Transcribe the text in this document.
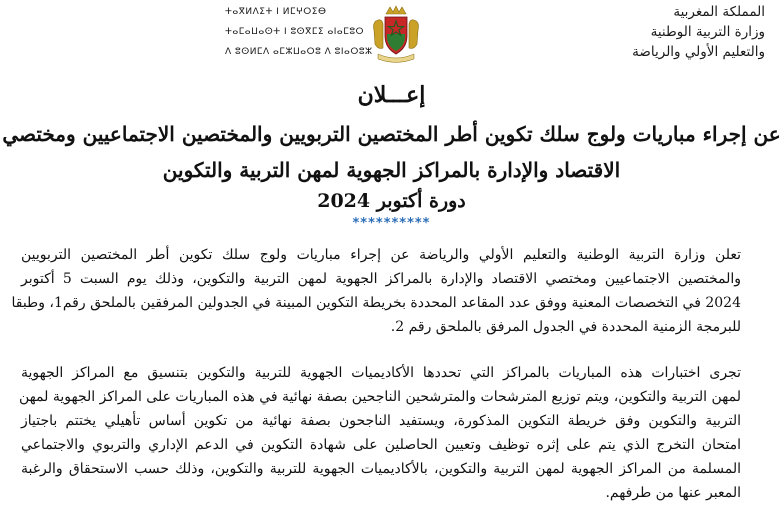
المملكة المغربية
وزارة التربية الوطنية
والتعليم الأولي والرياضة
ⵜⴰⴳⵍⴷⵉⵜ ⵏ ⵍⵎⵖⵔⵉⴱ
ⵜⴰⵎⴰⵡⴰⵙⵜ ⵏ ⵓⵙⴳⵎⵉ ⴰⵏⴰⵎⵓⵔ
ⴷ ⵓⵙⵍⵎⴷ ⴰⵎⵣⵡⴰⵔⵓ ⴷ ⵓⵏⴰⵔⵓⵣ
إعـــلان
عن إجراء مباريات ولوج سلك تكوين أطر المختصين التربويين والمختصين الاجتماعيين ومختصي
الاقتصاد والإدارة بالمراكز الجهوية لمهن التربية والتكوين
دورة أكتوبر 2024
**********
تعلن وزارة التربية الوطنية والتعليم الأولي والرياضة عن إجراء مباريات ولوج سلك تكوين أطر المختصين التربويين
والمختصين الاجتماعيين ومختصي الاقتصاد والإدارة بالمراكز الجهوية لمهن التربية والتكوين، وذلك يوم السبت 5 أكتوبر
2024 في التخصصات المعنية ووفق عدد المقاعد المحددة بخريطة التكوين المبينة في الجدولين المرفقين بالملحق رقم1، وطبقا
للبرمجة الزمنية المحددة في الجدول المرفق بالملحق رقم 2.
تجرى اختبارات هذه المباريات بالمراكز التي تحددها الأكاديميات الجهوية للتربية والتكوين بتنسيق مع المراكز الجهوية
لمهن التربية والتكوين، ويتم توزيع المترشحات والمترشحين الناجحين بصفة نهائية في هذه المباريات على المراكز الجهوية لمهن
التربية والتكوين وفق خريطة التكوين المذكورة، ويستفيد الناجحون بصفة نهائية من تكوين أساس تأهيلي يختتم باجتياز
امتحان التخرج الذي يتم على إثره توظيف وتعيين الحاصلين على شهادة التكوين في الدعم الإداري والتربوي والاجتماعي
المسلمة من المراكز الجهوية لمهن التربية والتكوين، بالأكاديميات الجهوية للتربية والتكوين، وذلك حسب الاستحقاق والرغبة
المعبر عنها من طرفهم.
